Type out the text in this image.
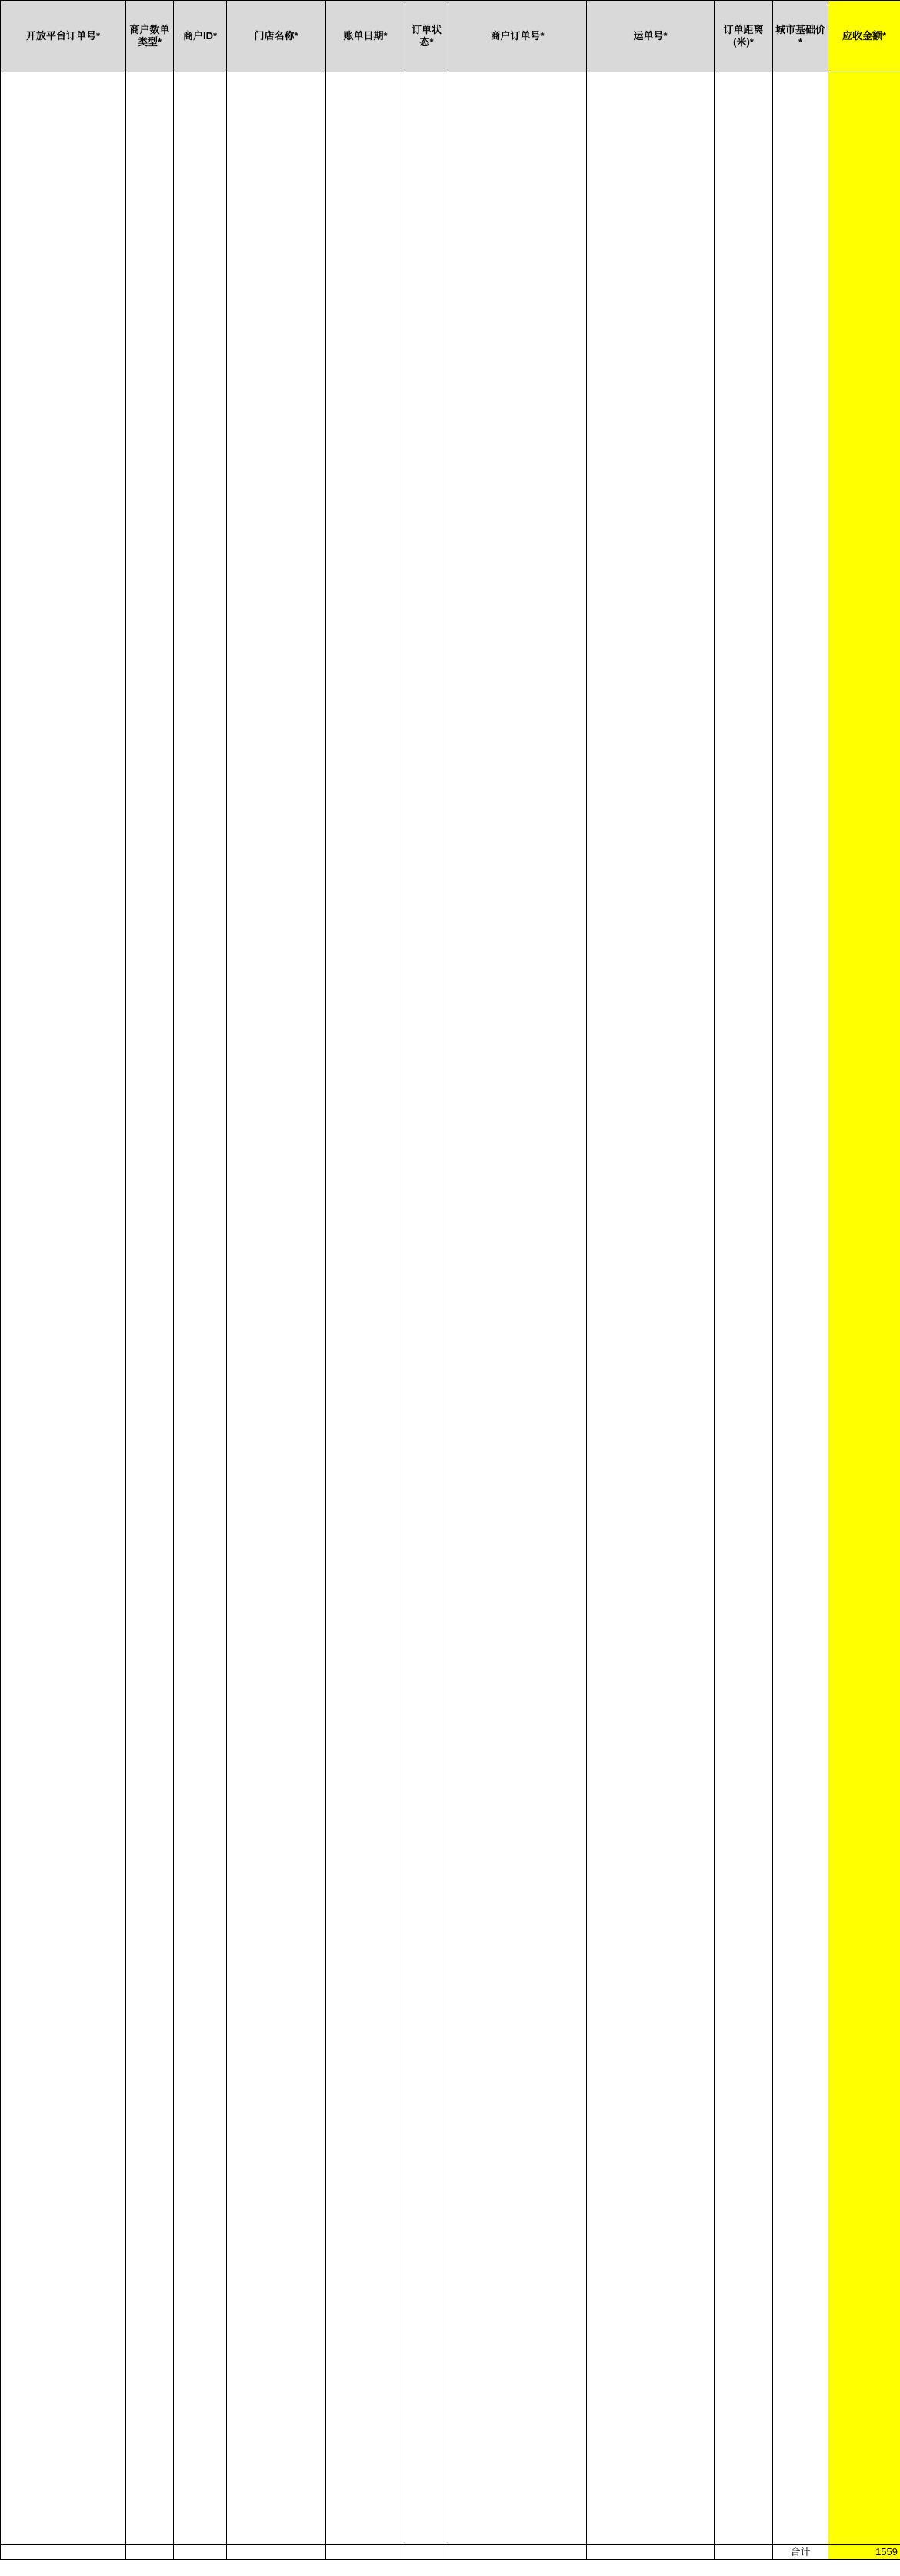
开放平台订单号*	商户数单类型*	商户ID*	门店名称*	账单日期*	订单状态*	商户订单号*	运单号*	订单距离(米)*	城市基础价*	应收金额*

									合计	1559
